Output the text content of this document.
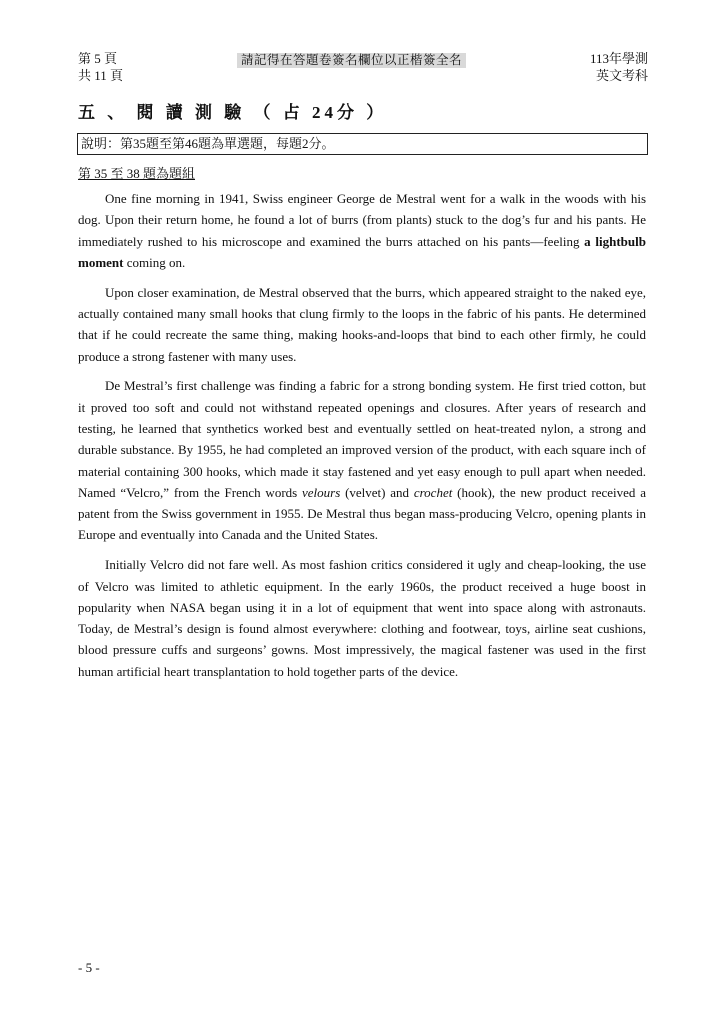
第 5 頁
共 11 頁
請記得在答題卷簽名欄位以正楷簽全名	113年學測
英文考科
五 、 閱 讀 測 驗 （ 占 24分 ）
說明：第35題至第46題為單選題，每題2分。
第 35 至 38 題為題組

One fine morning in 1941, Swiss engineer George de Mestral went for a walk in the woods with his dog. Upon their return home, he found a lot of burrs (from plants) stuck to the dog’s fur and his pants. He immediately rushed to his microscope and examined the burrs attached on his pants—feeling a lightbulb moment coming on.

Upon closer examination, de Mestral observed that the burrs, which appeared straight to the naked eye, actually contained many small hooks that clung firmly to the loops in the fabric of his pants. He determined that if he could recreate the same thing, making hooks-and-loops that bind to each other firmly, he could produce a strong fastener with many uses.

De Mestral’s first challenge was finding a fabric for a strong bonding system. He first tried cotton, but it proved too soft and could not withstand repeated openings and closures. After years of research and testing, he learned that synthetics worked best and eventually settled on heat-treated nylon, a strong and durable substance. By 1955, he had completed an improved version of the product, with each square inch of material containing 300 hooks, which made it stay fastened and yet easy enough to pull apart when needed. Named “Velcro,” from the French words velours (velvet) and crochet (hook), the new product received a patent from the Swiss government in 1955. De Mestral thus began mass-producing Velcro, opening plants in Europe and eventually into Canada and the United States.

Initially Velcro did not fare well. As most fashion critics considered it ugly and cheap-looking, the use of Velcro was limited to athletic equipment. In the early 1960s, the product received a huge boost in popularity when NASA began using it in a lot of equipment that went into space along with astronauts. Today, de Mestral’s design is found almost everywhere: clothing and footwear, toys, airline seat cushions, blood pressure cuffs and surgeons’ gowns. Most impressively, the magical fastener was used in the first human artificial heart transplantation to hold together parts of the device.

- 5 -
